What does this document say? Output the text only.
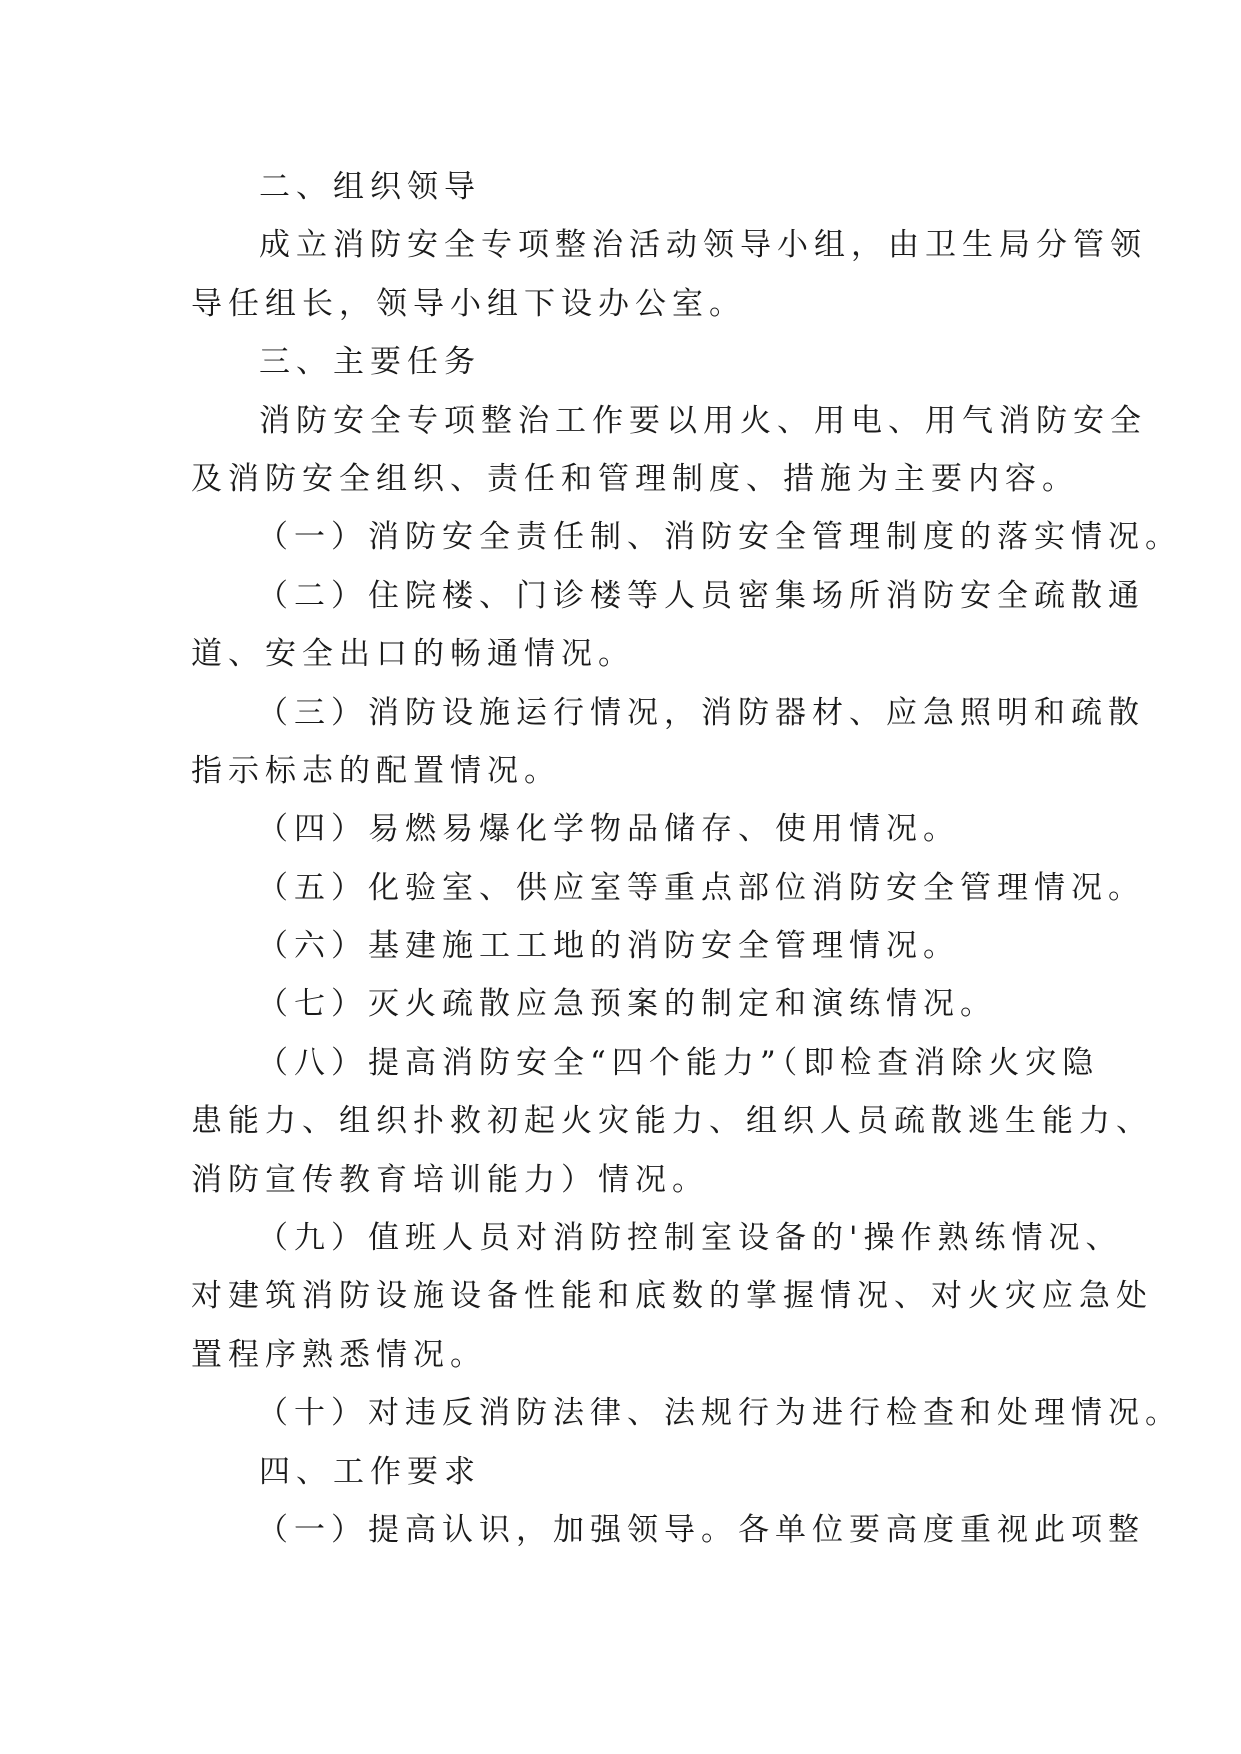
二、组织领导
成立消防安全专项整治活动领导小组，由卫生局分管领
导任组长，领导小组下设办公室。
三、主要任务
消防安全专项整治工作要以用火、用电、用气消防安全
及消防安全组织、责任和管理制度、措施为主要内容。
（一）消防安全责任制、消防安全管理制度的落实情况。
（二）住院楼、门诊楼等人员密集场所消防安全疏散通
道、安全出口的畅通情况。
（三）消防设施运行情况，消防器材、应急照明和疏散
指示标志的配置情况。
（四）易燃易爆化学物品储存、使用情况。
（五）化验室、供应室等重点部位消防安全管理情况。
（六）基建施工工地的消防安全管理情况。
（七）灭火疏散应急预案的制定和演练情况。
（八）提高消防安全“四个能力”（即检查消除火灾隐
患能力、组织扑救初起火灾能力、组织人员疏散逃生能力、
消防宣传教育培训能力）情况。
（九）值班人员对消防控制室设备的'操作熟练情况、
对建筑消防设施设备性能和底数的掌握情况、对火灾应急处
置程序熟悉情况。
（十）对违反消防法律、法规行为进行检查和处理情况。
四、工作要求
（一）提高认识，加强领导。各单位要高度重视此项整
